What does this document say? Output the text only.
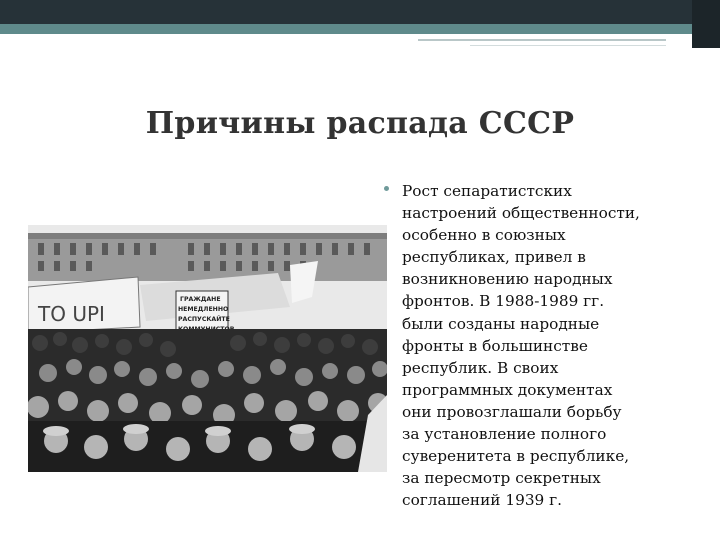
Причины распада СССР
TO UPI
ГРАЖДАНЕ
НЕМЕДЛЕННО
РАСПУСКАЙТЕ
Рост сепаратистских
настроений общественности,
особенно в союзных
республиках, привел в
возникновению народных
фронтов. В 1988-1989 гг.
были созданы народные
фронты в большинстве
республик. В своих
программных документах
они провозглашали борьбу
за установление полного
суверенитета в республике,
за пересмотр секретных
соглашений 1939 г.
